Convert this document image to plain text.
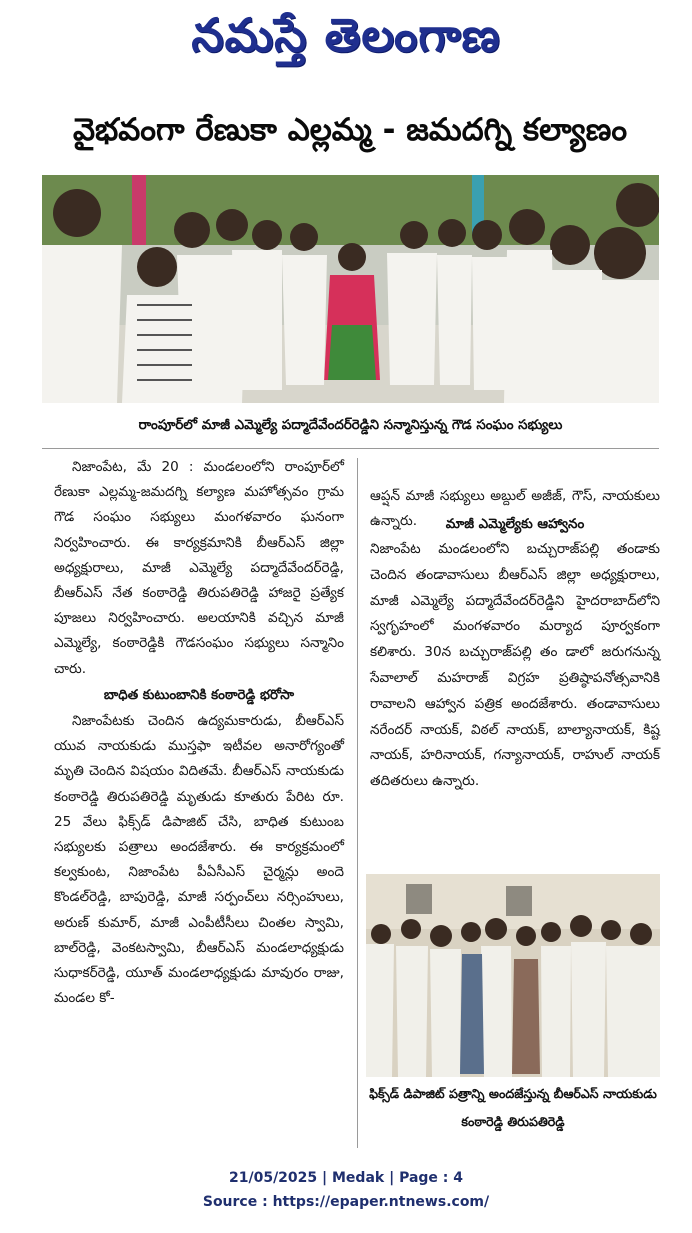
నమస్తే తెలంగాణ
వైభవంగా రేణుకా ఎల్లమ్మ - జమదగ్ని కల్యాణం
రాంపూర్‌లో మాజీ ఎమ్మెల్యే పద్మాదేవేందర్‌రెడ్డిని సన్మానిస్తున్న గౌడ సంఘం సభ్యులు

నిజాంపేట, మే 20 : మండలంలోని రాంపూర్‌లో రేణుకా ఎల్లమ్మ-జమదగ్ని కల్యాణ మహోత్సవం గ్రామ గౌడ సంఘం సభ్యులు మంగళవారం ఘనంగా నిర్వహించారు. ఈ కార్యక్రమానికి బీఆర్‌ఎస్ జిల్లా అధ్యక్షురాలు, మాజీ ఎమ్మెల్యే పద్మాదేవేందర్‌రెడ్డి, బీఆర్‌ఎస్ నేత కంఠారెడ్డి తిరుపతిరెడ్డి హాజరై ప్రత్యేక పూజలు నిర్వహించారు. అలయానికి వచ్చిన మాజీ ఎమ్మెల్యే, కంఠారెడ్డికి గౌడసంఘం సభ్యులు సన్మానిం చారు.

బాధిత కుటుంబానికి కంఠారెడ్డి భరోసా

నిజాంపేటకు చెందిన ఉద్యమకారుడు, బీఆర్‌ఎస్ యువ నాయకుడు ముస్తఫా ఇటీవల అనారోగ్యంతో మృతి చెందిన విషయం విదితమే. బీఆర్‌ఎస్ నాయకుడు కంఠారెడ్డి తిరుపతిరెడ్డి మృతుడు కూతురు పేరిట రూ. 25 వేలు ఫిక్స్‌డ్ డిపాజిట్ చేసి, బాధిత కుటుంబ సభ్యులకు పత్రాలు అందజేశారు. ఈ కార్యక్రమంలో కల్వకుంట, నిజాంపేట పీఏసీఎస్ చైర్మన్లు అందె కొండల్‌రెడ్డి, బాపురెడ్డి, మాజీ సర్పంచ్‌లు నర్సింహులు, అరుణ్ కుమార్, మాజీ ఎంపీటీసీలు చింతల స్వామి, బాల్‌రెడ్డి, వెంకటస్వామి, బీఆర్‌ఎస్ మండలాధ్యక్షుడు సుధాకర్‌రెడ్డి, యూత్ మండలాధ్యక్షుడు మావురం రాజు, మండల కో-

ఆప్షన్ మాజీ సభ్యులు అబ్దుల్ అజీజ్, గౌస్, నాయకులు ఉన్నారు.	మాజీ ఎమ్మెల్యేకు ఆహ్వానం

నిజాంపేట మండలంలోని బచ్చురాజ్‌పల్లి తండాకు చెందిన తండావాసులు బీఆర్‌ఎస్ జిల్లా అధ్యక్షురాలు, మాజీ ఎమ్మెల్యే పద్మాదేవేందర్‌రెడ్డిని హైదరాబాద్‌లోని స్వగృహంలో మంగళవారం మర్యాద పూర్వకంగా కలిశారు. 30న బచ్చురాజ్‌పల్లి తం డాలో జరుగనున్న సేవాలాల్ మహరాజ్ విగ్రహ ప్రతిష్ఠాపనోత్సవానికి రావాలని ఆహ్వాన పత్రిక అందజేశారు. తండావాసులు నరేందర్ నాయక్, విఠల్ నాయక్, బాల్యానాయక్, కిష్ట నాయక్, హరినాయక్, గన్యానాయక్, రాహుల్ నాయక్ తదితరులు ఉన్నారు.

ఫిక్స్‌డ్ డిపాజిట్ పత్రాన్ని అందజేస్తున్న బీఆర్‌ఎస్ నాయకుడు కంఠారెడ్డి తిరుపతిరెడ్డి
21/05/2025 | Medak | Page : 4
Source : https://epaper.ntnews.com/
